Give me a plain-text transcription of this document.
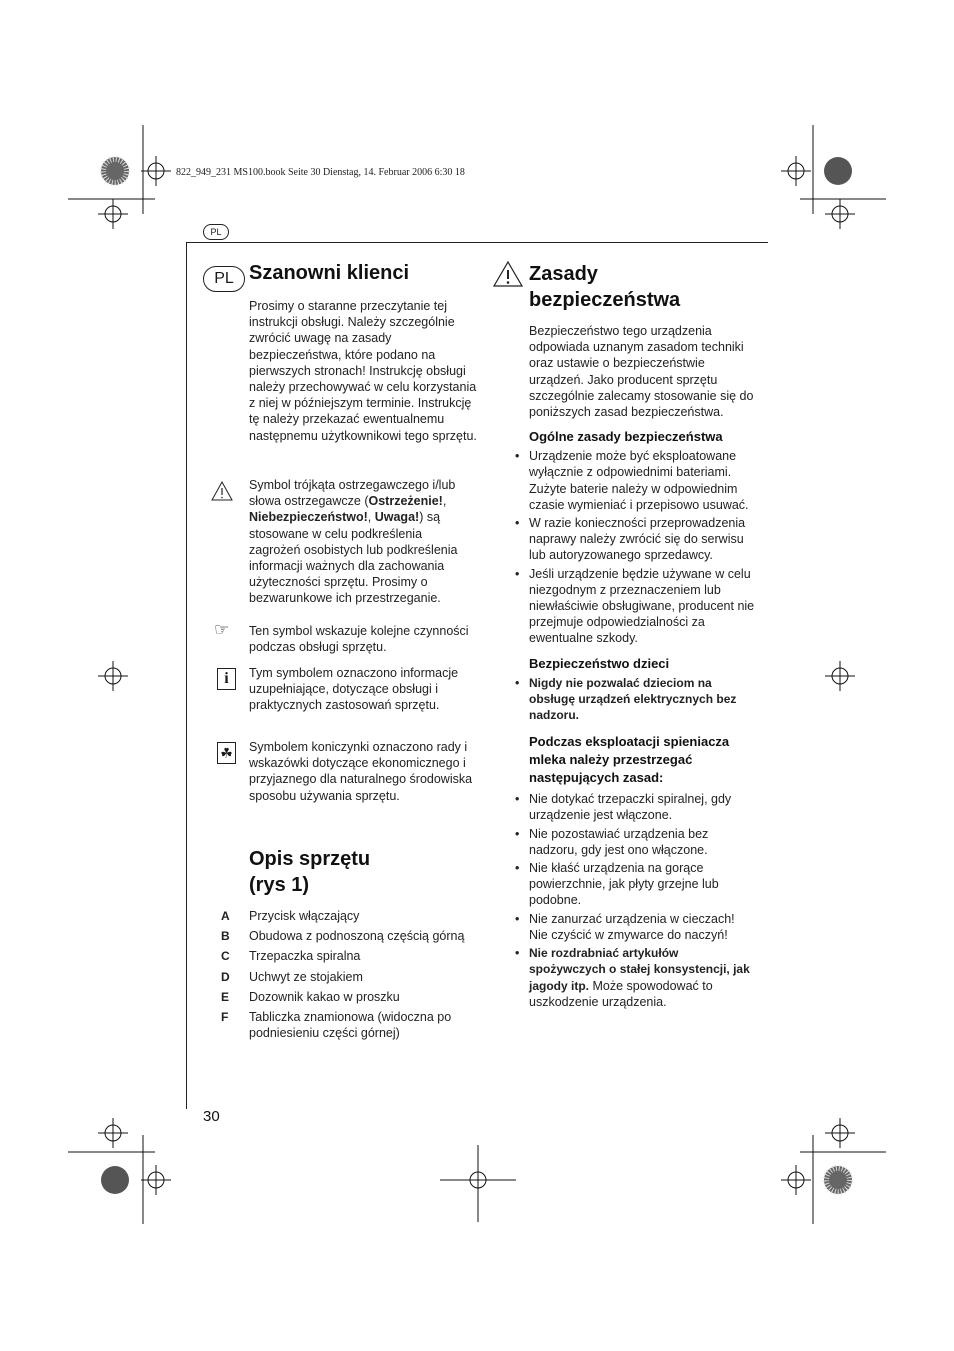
822_949_231 MS100.book Seite 30 Dienstag, 14. Februar 2006 6:30 18
PL
PL Szanowni klienci
Prosimy o staranne przeczytanie tej instrukcji obsługi. Należy szczególnie zwrócić uwagę na zasady bezpieczeństwa, które podano na pierwszych stronach! Instrukcję obsługi należy przechowywać w celu korzystania z niej w późniejszym terminie. Instrukcję tę należy przekazać ewentualnemu następnemu użytkownikowi tego sprzętu.
Symbol trójkąta ostrzegawczego i/lub słowa ostrzegawcze (Ostrzeżenie!, Niebezpieczeństwo!, Uwaga!) są stosowane w celu podkreślenia zagrożeń osobistych lub podkreślenia informacji ważnych dla zachowania użyteczności sprzętu. Prosimy o bezwarunkowe ich przestrzeganie.
☞ Ten symbol wskazuje kolejne czynności podczas obsługi sprzętu.
i	Tym symbolem oznaczono informacje uzupełniające, dotyczące obsługi i praktycznych zastosowań sprzętu.
☘ Symbolem koniczynki oznaczono rady i wskazówki dotyczące ekonomicznego i przyjaznego dla naturalnego środowiska sposobu używania sprzętu.
Opis sprzętu
(rys 1)
A Przycisk włączający
B Obudowa z podnoszoną częścią górną
C Trzepaczka spiralna
D Uchwyt ze stojakiem
E Dozownik kakao w proszku
F Tabliczka znamionowa (widoczna po podniesieniu części górnej)
Zasady
bezpieczeństwa
Bezpieczeństwo tego urządzenia odpowiada uznanym zasadom techniki oraz ustawie o bezpieczeństwie urządzeń. Jako producent sprzętu szczególnie zalecamy stosowanie się do poniższych zasad bezpieczeństwa.
Ogólne zasady bezpieczeństwa
• Urządzenie może być eksploatowane wyłącznie z odpowiednimi bateriami. Zużyte baterie należy w odpowiednim czasie wymieniać i przepisowo usuwać.
• W razie konieczności przeprowadzenia naprawy należy zwrócić się do serwisu lub autoryzowanego sprzedawcy.
• Jeśli urządzenie będzie używane w celu niezgodnym z przeznaczeniem lub niewłaściwie obsługiwane, producent nie przejmuje odpowiedzialności za ewentualne szkody.
Bezpieczeństwo dzieci
• Nigdy nie pozwalać dzieciom na obsługę urządzeń elektrycznych bez nadzoru.
Podczas eksploatacji spieniacza mleka należy przestrzegać następujących zasad:
• Nie dotykać trzepaczki spiralnej, gdy urządzenie jest włączone.
• Nie pozostawiać urządzenia bez nadzoru, gdy jest ono włączone.
• Nie kłaść urządzenia na gorące powierzchnie, jak płyty grzejne lub podobne.
• Nie zanurzać urządzenia w cieczach! Nie czyścić w zmywarce do naczyń!
• Nie rozdrabniać artykułów spożywczych o stałej konsystencji, jak jagody itp. Może spowodować to uszkodzenie urządzenia.
30
